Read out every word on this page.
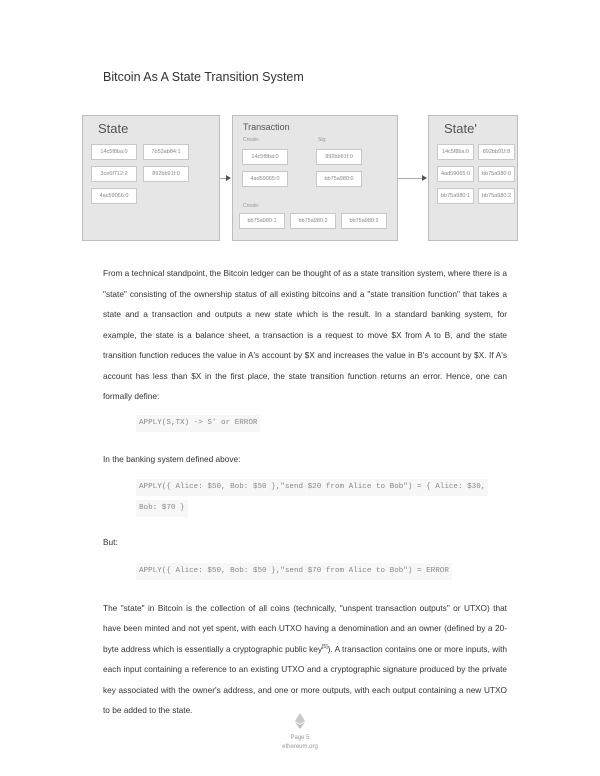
Bitcoin As A State Transition System
State
14c5f8ba:0	7b53ab84:1
3ce6f712:2	892bb91f:0
4ac59066:0
Transaction
Create:	Sig:
14c5f8ba:0
4ad59065:0
892bb91f:0
bb75a980:0
Create:
bb75a980:1	bb75a980:2	bb75a980:2
State'
14c5f8ba:0	892bb91f:8
4ad59065:0	bb75a980:0
bb75a980:1	bb75a980:2

From a technical standpoint, the Bitcoin ledger can be thought of as a state transition system, where there is a "state" consisting of the ownership status of all existing bitcoins and a "state transition function" that takes a state and a transaction and outputs a new state which is the result. In a standard banking system, for example, the state is a balance sheet, a transaction is a request to move $X from A to B, and the state transition function reduces the value in A's account by $X and increases the value in B's account by $X. If A's account has less than $X in the first place, the state transition function returns an error. Hence, one can formally define:

APPLY(S,TX) -> S' or ERROR

In the banking system defined above:

APPLY({ Alice: $50, Bob: $50 },"send $20 from Alice to Bob") = { Alice: $30,
Bob: $70 }

But:

APPLY({ Alice: $50, Bob: $50 },"send $70 from Alice to Bob") = ERROR

The "state" in Bitcoin is the collection of all coins (technically, "unspent transaction outputs" or UTXO) that have been minted and not yet spent, with each UTXO having a denomination and an owner (defined by a 20-byte address which is essentially a cryptographic public key[5]). A transaction contains one or more inputs, with each input containing a reference to an existing UTXO and a cryptographic signature produced by the private key associated with the owner's address, and one or more outputs, with each output containing a new UTXO to be added to the state.

Page 5
ethereum.org
